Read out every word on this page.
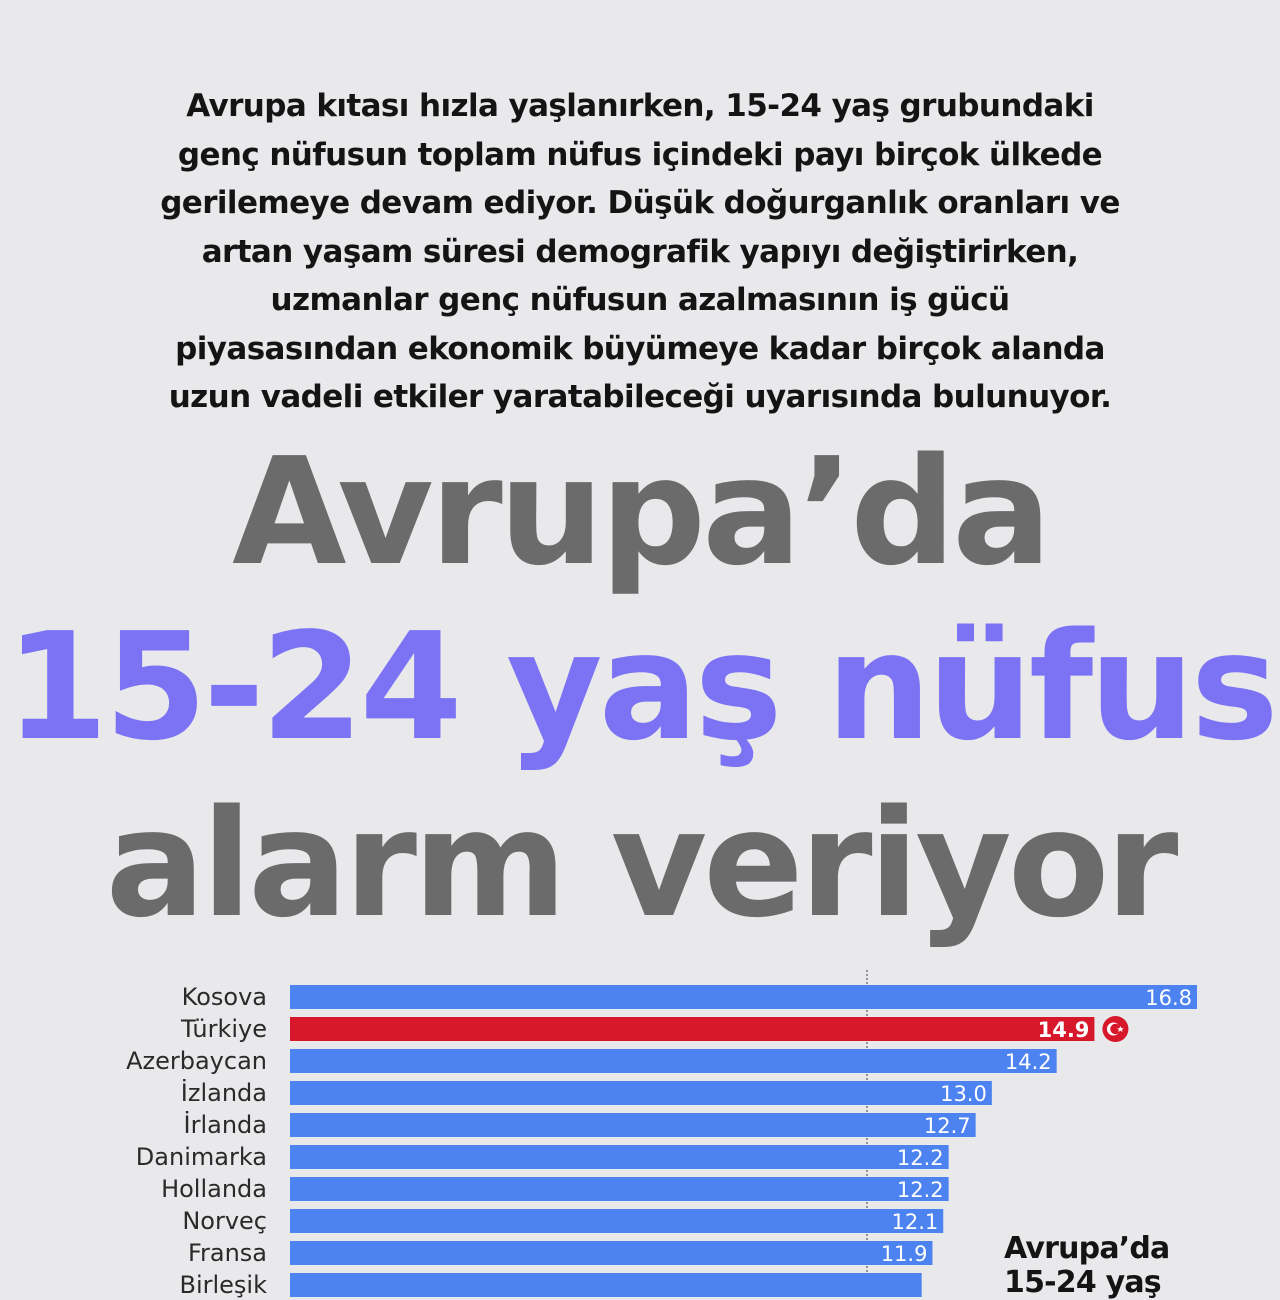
Avrupa kıtası hızla yaşlanırken, 15-24 yaş grubundaki
genç nüfusun toplam nüfus içindeki payı birçok ülkede
gerilemeye devam ediyor. Düşük doğurganlık oranları ve
artan yaşam süresi demografik yapıyı değiştirirken,
uzmanlar genç nüfusun azalmasının iş gücü
piyasasından ekonomik büyümeye kadar birçok alanda
uzun vadeli etkiler yaratabileceği uyarısında bulunuyor.
Avrupa’da
15-24 yaş nüfus
alarm veriyor
Kosova	16.8
Türkiye	14.9
Azerbaycan	14.2
İzlanda	13.0
İrlanda	12.7
Danimarka	12.2
Hollanda	12.2
Norveç	12.1
Fransa	11.9
Birleşik
Avrupa’da
15-24 yaş
